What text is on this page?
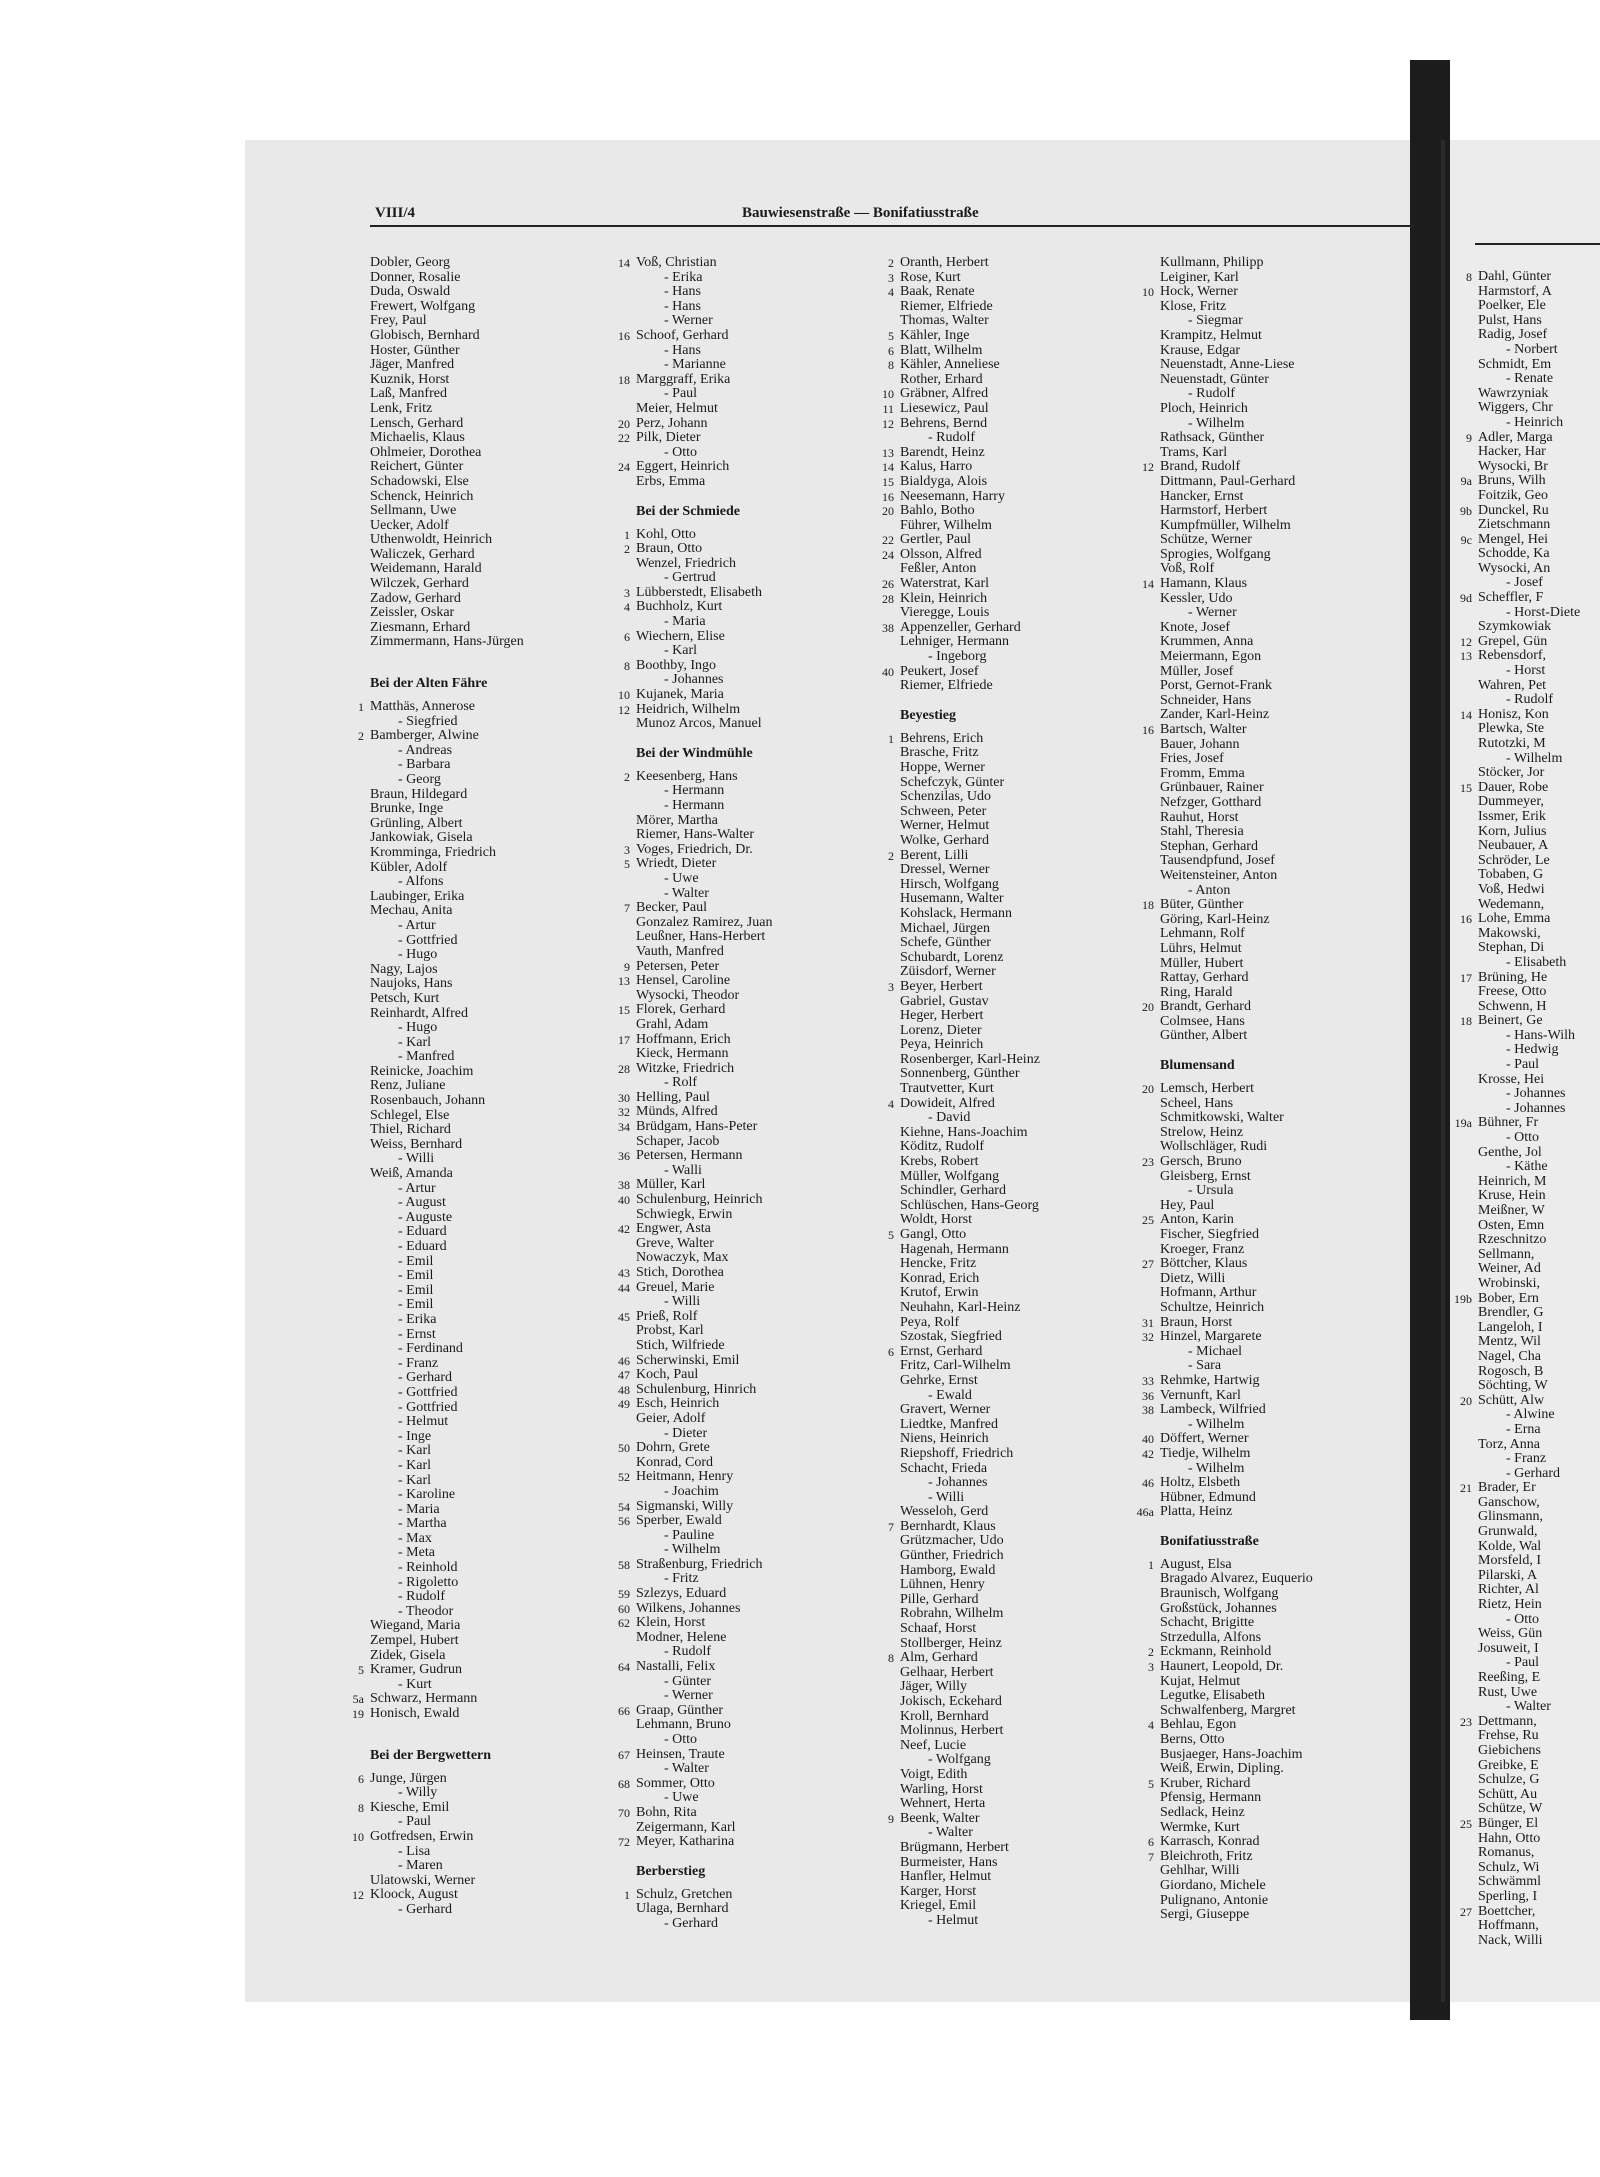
VIII/4	Bauwiesenstraße — Bonifatiusstraße
Dobler, Georg
Donner, Rosalie
Duda, Oswald
Frewert, Wolfgang
Frey, Paul
Globisch, Bernhard
Hoster, Günther
Jäger, Manfred
Kuznik, Horst
Laß, Manfred
Lenk, Fritz
Lensch, Gerhard
Michaelis, Klaus
Ohlmeier, Dorothea
Reichert, Günter
Schadowski, Else
Schenck, Heinrich
Sellmann, Uwe
Uecker, Adolf
Uthenwoldt, Heinrich
Waliczek, Gerhard
Weidemann, Harald
Wilczek, Gerhard
Zadow, Gerhard
Zeissler, Oskar
Ziesmann, Erhard
Zimmermann, Hans-Jürgen
Bei der Alten Fähre
1 Matthäs, Annerose
- Siegfried
2 Bamberger, Alwine
- Andreas
- Barbara
- Georg
Braun, Hildegard
Brunke, Inge
Grünling, Albert
Jankowiak, Gisela
Kromminga, Friedrich
Kübler, Adolf
- Alfons
Laubinger, Erika
Mechau, Anita
- Artur
- Gottfried
- Hugo
Nagy, Lajos
Naujoks, Hans
Petsch, Kurt
Reinhardt, Alfred
- Hugo
- Karl
- Manfred
Reinicke, Joachim
Renz, Juliane
Rosenbauch, Johann
Schlegel, Else
Thiel, Richard
Weiss, Bernhard
- Willi
Weiß, Amanda
- Artur
- August
- Auguste
- Eduard
- Eduard
- Emil
- Emil
- Emil
- Emil
- Erika
- Ernst
- Ferdinand
- Franz
- Gerhard
- Gottfried
- Gottfried
- Helmut
- Inge
- Karl
- Karl
- Karl
- Karoline
- Maria
- Martha
- Max
- Meta
- Reinhold
- Rigoletto
- Rudolf
- Theodor
Wiegand, Maria
Zempel, Hubert
Zidek, Gisela
5 Kramer, Gudrun
- Kurt
5a Schwarz, Hermann
19 Honisch, Ewald
Bei der Bergwettern
6 Junge, Jürgen
- Willy
8 Kiesche, Emil
- Paul
10 Gotfredsen, Erwin
- Lisa
- Maren
Ulatowski, Werner
12 Kloock, August
- Gerhard
14 Voß, Christian
- Erika
- Hans
- Hans
- Werner
16 Schoof, Gerhard
- Hans
- Marianne
18 Marggraff, Erika
- Paul
Meier, Helmut
20 Perz, Johann
22 Pilk, Dieter
- Otto
24 Eggert, Heinrich
Erbs, Emma
Bei der Schmiede
1 Kohl, Otto
2 Braun, Otto
Wenzel, Friedrich
- Gertrud
3 Lübberstedt, Elisabeth
4 Buchholz, Kurt
- Maria
6 Wiechern, Elise
- Karl
8 Boothby, Ingo
- Johannes
10 Kujanek, Maria
12 Heidrich, Wilhelm
Munoz Arcos, Manuel
Bei der Windmühle
2 Keesenberg, Hans
- Hermann
- Hermann
Mörer, Martha
Riemer, Hans-Walter
3 Voges, Friedrich, Dr.
5 Wriedt, Dieter
- Uwe
- Walter
7 Becker, Paul
Gonzalez Ramirez, Juan
Leußner, Hans-Herbert
Vauth, Manfred
9 Petersen, Peter
13 Hensel, Caroline
Wysocki, Theodor
15 Florek, Gerhard
Grahl, Adam
17 Hoffmann, Erich
Kieck, Hermann
28 Witzke, Friedrich
- Rolf
30 Helling, Paul
32 Münds, Alfred
34 Brüdgam, Hans-Peter
Schaper, Jacob
36 Petersen, Hermann
- Walli
38 Müller, Karl
40 Schulenburg, Heinrich
Schwiegk, Erwin
42 Engwer, Asta
Greve, Walter
Nowaczyk, Max
43 Stich, Dorothea
44 Greuel, Marie
- Willi
45 Prieß, Rolf
Probst, Karl
Stich, Wilfriede
46 Scherwinski, Emil
47 Koch, Paul
48 Schulenburg, Hinrich
49 Esch, Heinrich
Geier, Adolf
- Dieter
50 Dohrn, Grete
Konrad, Cord
52 Heitmann, Henry
- Joachim
54 Sigmanski, Willy
56 Sperber, Ewald
- Pauline
- Wilhelm
58 Straßenburg, Friedrich
- Fritz
59 Szlezys, Eduard
60 Wilkens, Johannes
62 Klein, Horst
Modner, Helene
- Rudolf
64 Nastalli, Felix
- Günter
- Werner
66 Graap, Günther
Lehmann, Bruno
- Otto
67 Heinsen, Traute
- Walter
68 Sommer, Otto
- Uwe
70 Bohn, Rita
Zeigermann, Karl
72 Meyer, Katharina
Berberstieg
1 Schulz, Gretchen
Ulaga, Bernhard
- Gerhard
2 Oranth, Herbert
3 Rose, Kurt
4 Baak, Renate
Riemer, Elfriede
Thomas, Walter
5 Kähler, Inge
6 Blatt, Wilhelm
8 Kähler, Anneliese
Rother, Erhard
10 Gräbner, Alfred
11 Liesewicz, Paul
12 Behrens, Bernd
- Rudolf
13 Barendt, Heinz
14 Kalus, Harro
15 Bialdyga, Alois
16 Neesemann, Harry
20 Bahlo, Botho
Führer, Wilhelm
22 Gertler, Paul
24 Olsson, Alfred
Feßler, Anton
26 Waterstrat, Karl
28 Klein, Heinrich
Vieregge, Louis
38 Appenzeller, Gerhard
Lehniger, Hermann
- Ingeborg
40 Peukert, Josef
Riemer, Elfriede
Beyestieg
1 Behrens, Erich
Brasche, Fritz
Hoppe, Werner
Schefczyk, Günter
Schenzilas, Udo
Schween, Peter
Werner, Helmut
Wolke, Gerhard
2 Berent, Lilli
Dressel, Werner
Hirsch, Wolfgang
Husemann, Walter
Kohslack, Hermann
Michael, Jürgen
Schefe, Günther
Schubardt, Lorenz
Züisdorf, Werner
3 Beyer, Herbert
Gabriel, Gustav
Heger, Herbert
Lorenz, Dieter
Peya, Heinrich
Rosenberger, Karl-Heinz
Sonnenberg, Günther
Trautvetter, Kurt
4 Dowideit, Alfred
- David
Kiehne, Hans-Joachim
Köditz, Rudolf
Krebs, Robert
Müller, Wolfgang
Schindler, Gerhard
Schlüschen, Hans-Georg
Woldt, Horst
5 Gangl, Otto
Hagenah, Hermann
Hencke, Fritz
Konrad, Erich
Krutof, Erwin
Neuhahn, Karl-Heinz
Peya, Rolf
Szostak, Siegfried
6 Ernst, Gerhard
Fritz, Carl-Wilhelm
Gehrke, Ernst
- Ewald
Gravert, Werner
Liedtke, Manfred
Niens, Heinrich
Riepshoff, Friedrich
Schacht, Frieda
- Johannes
- Willi
Wesseloh, Gerd
7 Bernhardt, Klaus
Grützmacher, Udo
Günther, Friedrich
Hamborg, Ewald
Lühnen, Henry
Pille, Gerhard
Robrahn, Wilhelm
Schaaf, Horst
Stollberger, Heinz
8 Alm, Gerhard
Gelhaar, Herbert
Jäger, Willy
Jokisch, Eckehard
Kroll, Bernhard
Molinnus, Herbert
Neef, Lucie
- Wolfgang
Voigt, Edith
Warling, Horst
Wehnert, Herta
9 Beenk, Walter
- Walter
Brügmann, Herbert
Burmeister, Hans
Hanfler, Helmut
Karger, Horst
Kriegel, Emil
- Helmut
Kullmann, Philipp
Leiginer, Karl
10 Hock, Werner
Klose, Fritz
- Siegmar
Krampitz, Helmut
Krause, Edgar
Neuenstadt, Anne-Liese
Neuenstadt, Günter
- Rudolf
Ploch, Heinrich
- Wilhelm
Rathsack, Günther
Trams, Karl
12 Brand, Rudolf
Dittmann, Paul-Gerhard
Hancker, Ernst
Harmstorf, Herbert
Kumpfmüller, Wilhelm
Schütze, Werner
Sprogies, Wolfgang
Voß, Rolf
14 Hamann, Klaus
Kessler, Udo
- Werner
Knote, Josef
Krummen, Anna
Meiermann, Egon
Müller, Josef
Porst, Gernot-Frank
Schneider, Hans
Zander, Karl-Heinz
16 Bartsch, Walter
Bauer, Johann
Fries, Josef
Fromm, Emma
Grünbauer, Rainer
Nefzger, Gotthard
Rauhut, Horst
Stahl, Theresia
Stephan, Gerhard
Tausendpfund, Josef
Weitensteiner, Anton
- Anton
18 Büter, Günther
Göring, Karl-Heinz
Lehmann, Rolf
Lührs, Helmut
Müller, Hubert
Rattay, Gerhard
Ring, Harald
20 Brandt, Gerhard
Colmsee, Hans
Günther, Albert
Blumensand
20 Lemsch, Herbert
Scheel, Hans
Schmitkowski, Walter
Strelow, Heinz
Wollschläger, Rudi
23 Gersch, Bruno
Gleisberg, Ernst
- Ursula
Hey, Paul
25 Anton, Karin
Fischer, Siegfried
Kroeger, Franz
27 Böttcher, Klaus
Dietz, Willi
Hofmann, Arthur
Schultze, Heinrich
31 Braun, Horst
32 Hinzel, Margarete
- Michael
- Sara
33 Rehmke, Hartwig
36 Vernunft, Karl
38 Lambeck, Wilfried
- Wilhelm
40 Döffert, Werner
42 Tiedje, Wilhelm
- Wilhelm
46 Holtz, Elsbeth
Hübner, Edmund
46a Platta, Heinz
Bonifatiusstraße
1 August, Elsa
Bragado Alvarez, Euquerio
Braunisch, Wolfgang
Großstück, Johannes
Schacht, Brigitte
Strzedulla, Alfons
2 Eckmann, Reinhold
3 Haunert, Leopold, Dr.
Kujat, Helmut
Legutke, Elisabeth
Schwalfenberg, Margret
4 Behlau, Egon
Berns, Otto
Busjaeger, Hans-Joachim
Weiß, Erwin, Dipling.
5 Kruber, Richard
Pfensig, Hermann
Sedlack, Heinz
Wermke, Kurt
6 Karrasch, Konrad
7 Bleichroth, Fritz
Gehlhar, Willi
Giordano, Michele
Pulignano, Antonie
Sergi, Giuseppe
8 Dahl, Günter
Harmstorf, A
Poelker, Ele
Pulst, Hans
Radig, Josef
- Norbert
Schmidt, Em
- Renate
Wawrzyniak
Wiggers, Chr
- Heinrich
9 Adler, Marga
Hacker, Har
Wysocki, Br
9a Bruns, Wilh
Foitzik, Geo
9b Dunckel, Ru
Zietschmann
9c Mengel, Hei
Schodde, Ka
Wysocki, An
- Josef
9d Scheffler, F
- Horst-Diete
Szymkowiak
12 Grepel, Gün
13 Rebensdorf,
- Horst
Wahren, Pet
- Rudolf
14 Honisz, Kon
Plewka, Ste
Rutotzki, M
- Wilhelm
Stöcker, Jor
15 Dauer, Robe
Dummeyer,
Issmer, Erik
Korn, Julius
Neubauer, A
Schröder, Le
Tobaben, G
Voß, Hedwi
Wedemann,
16 Lohe, Emma
Makowski,
Stephan, Di
- Elisabeth
17 Brüning, He
Freese, Otto
Schwenn, H
18 Beinert, Ge
- Hans-Wilh
- Hedwig
- Paul
Krosse, Hei
- Johannes
- Johannes
19a Bühner, Fr
- Otto
Genthe, Jol
- Käthe
Heinrich, M
Kruse, Hein
Meißner, W
Osten, Emn
Rzeschnitzo
Sellmann,
Weiner, Ad
Wrobinski,
19b Bober, Ern
Brendler, G
Langeloh, I
Mentz, Wil
Nagel, Cha
Rogosch, B
Söchting, W
20 Schütt, Alw
- Alwine
- Erna
Torz, Anna
- Franz
- Gerhard
21 Brader, Er
Ganschow,
Glinsmann,
Grunwald,
Kolde, Wal
Morsfeld, I
Pilarski, A
Richter, Al
Rietz, Hein
- Otto
Weiss, Gün
Josuweit, I
- Paul
Reeßing, E
Rust, Uwe
- Walter
23 Dettmann,
Frehse, Ru
Giebichens
Greibke, E
Schulze, G
Schütt, Au
Schütze, W
25 Bünger, El
Hahn, Otto
Romanus,
Schulz, Wi
Schwämml
Sperling, I
27 Boettcher,
Hoffmann,
Nack, Willi
